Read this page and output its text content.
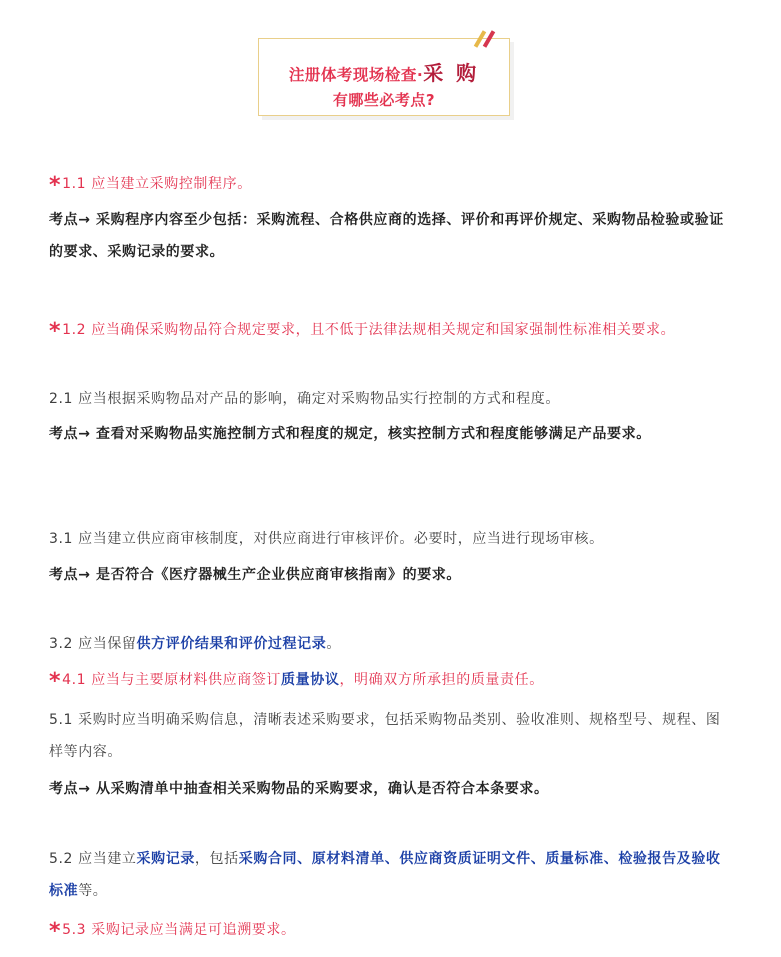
注册体考现场检查·采 购
有哪些必考点?

*1.1 应当建立采购控制程序。

考点→ 采购程序内容至少包括：采购流程、合格供应商的选择、评价和再评价规定、采购物品检验或验证的要求、采购记录的要求。

*1.2 应当确保采购物品符合规定要求，且不低于法律法规相关规定和国家强制性标准相关要求。

2.1 应当根据采购物品对产品的影响，确定对采购物品实行控制的方式和程度。

考点→ 查看对采购物品实施控制方式和程度的规定，核实控制方式和程度能够满足产品要求。

3.1 应当建立供应商审核制度，对供应商进行审核评价。必要时，应当进行现场审核。

考点→ 是否符合《医疗器械生产企业供应商审核指南》的要求。

3.2 应当保留供方评价结果和评价过程记录。

*4.1 应当与主要原材料供应商签订质量协议，明确双方所承担的质量责任。

5.1 采购时应当明确采购信息，清晰表述采购要求，包括采购物品类别、验收准则、规格型号、规程、图样等内容。

考点→ 从采购清单中抽查相关采购物品的采购要求，确认是否符合本条要求。

5.2 应当建立采购记录，包括采购合同、原材料清单、供应商资质证明文件、质量标准、检验报告及验收标准等。

*5.3 采购记录应当满足可追溯要求。
